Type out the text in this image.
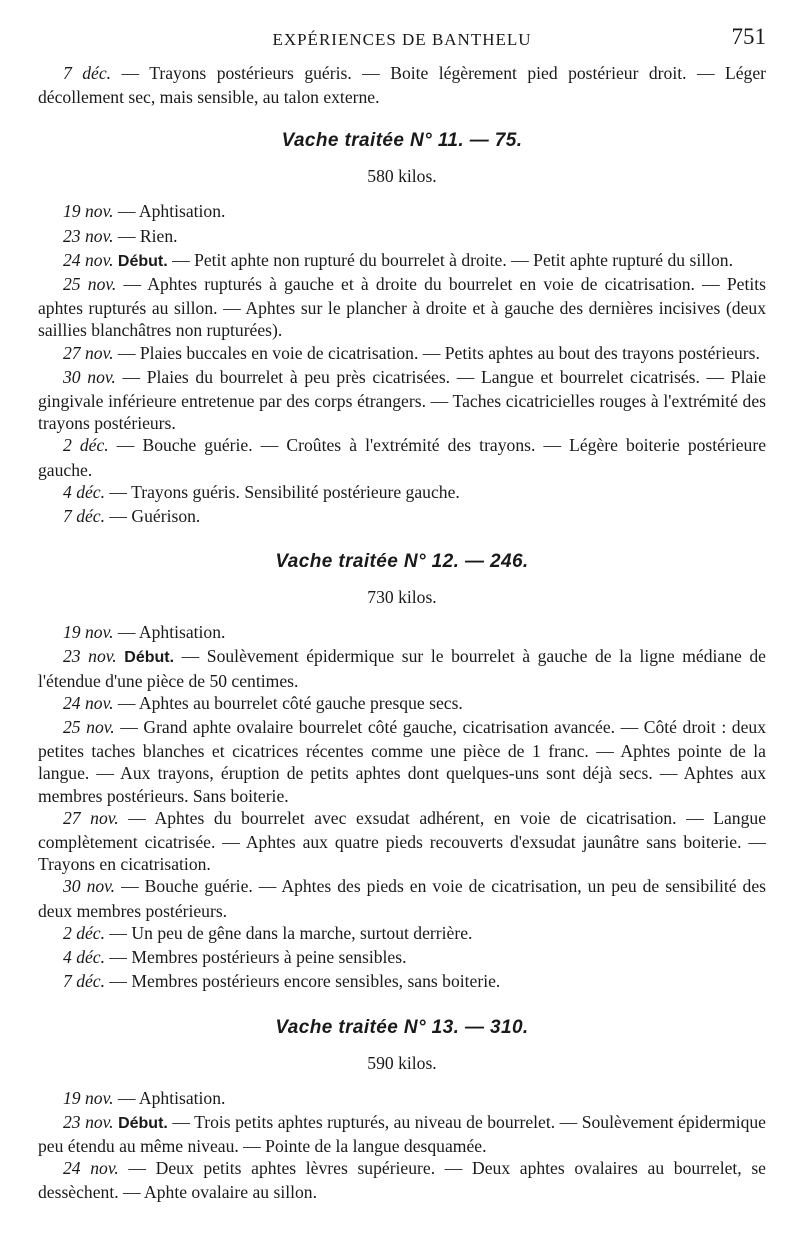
EXPÉRIENCES DE BANTHELU	751

7 déc. — Trayons postérieurs guéris. — Boite légèrement pied postérieur droit. — Léger décollement sec, mais sensible, au talon externe.

Vache traitée N° 11. — 75.

580 kilos.

19 nov. — Aphtisation.

23 nov. — Rien.

24 nov. Début. — Petit aphte non rupturé du bourrelet à droite. — Petit aphte rupturé du sillon.

25 nov. — Aphtes rupturés à gauche et à droite du bourrelet en voie de cicatrisation. — Petits aphtes rupturés au sillon. — Aphtes sur le plancher à droite et à gauche des dernières incisives (deux saillies blanchâtres non rupturées).

27 nov. — Plaies buccales en voie de cicatrisation. — Petits aphtes au bout des trayons postérieurs.

30 nov. — Plaies du bourrelet à peu près cicatrisées. — Langue et bourrelet cicatrisés. — Plaie gingivale inférieure entretenue par des corps étrangers. — Taches cicatricielles rouges à l'extrémité des trayons postérieurs.

2 déc. — Bouche guérie. — Croûtes à l'extrémité des trayons. — Légère boiterie postérieure gauche.

4 déc. — Trayons guéris. Sensibilité postérieure gauche.

7 déc. — Guérison.

Vache traitée N° 12. — 246.

730 kilos.

19 nov. — Aphtisation.

23 nov. Début. — Soulèvement épidermique sur le bourrelet à gauche de la ligne médiane de l'étendue d'une pièce de 50 centimes.

24 nov. — Aphtes au bourrelet côté gauche presque secs.

25 nov. — Grand aphte ovalaire bourrelet côté gauche, cicatrisation avancée. — Côté droit : deux petites taches blanches et cicatrices récentes comme une pièce de 1 franc. — Aphtes pointe de la langue. — Aux trayons, éruption de petits aphtes dont quelques-uns sont déjà secs. — Aphtes aux membres postérieurs. Sans boiterie.

27 nov. — Aphtes du bourrelet avec exsudat adhérent, en voie de cicatrisation. — Langue complètement cicatrisée. — Aphtes aux quatre pieds recouverts d'exsudat jaunâtre sans boiterie. — Trayons en cicatrisation.

30 nov. — Bouche guérie. — Aphtes des pieds en voie de cicatrisation, un peu de sensibilité des deux membres postérieurs.

2 déc. — Un peu de gêne dans la marche, surtout derrière.

4 déc. — Membres postérieurs à peine sensibles.

7 déc. — Membres postérieurs encore sensibles, sans boiterie.

Vache traitée N° 13. — 310.

590 kilos.

19 nov. — Aphtisation.

23 nov. Début. — Trois petits aphtes rupturés, au niveau de bourrelet. — Soulèvement épidermique peu étendu au même niveau. — Pointe de la langue desquamée.

24 nov. — Deux petits aphtes lèvres supérieure. — Deux aphtes ovalaires au bourrelet, se dessèchent. — Aphte ovalaire au sillon.
